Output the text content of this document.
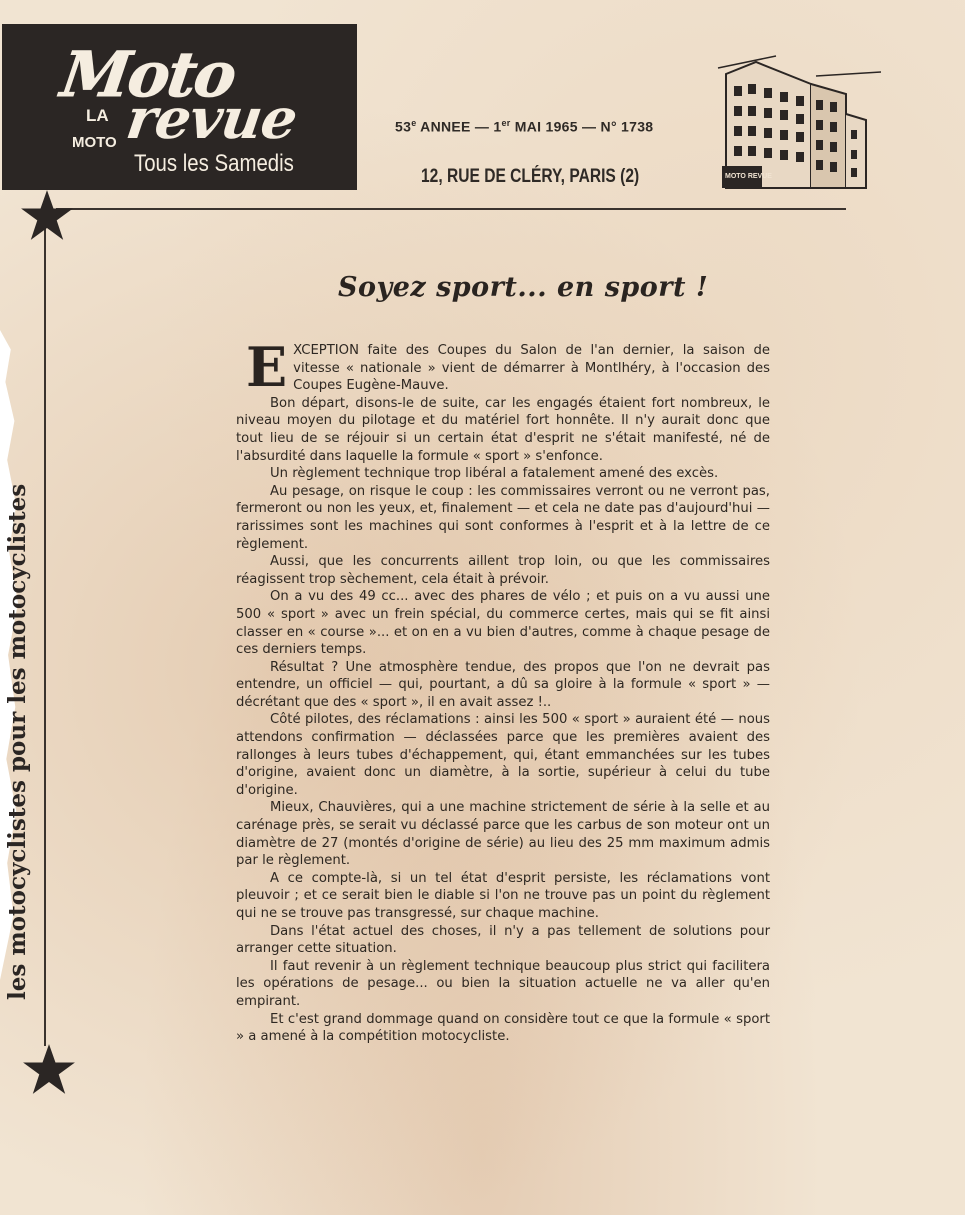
Moto
LA
MOTO revue
Tous les Samedis
53e ANNEE — 1er MAI 1965 — N° 1738
12, RUE DE CLÉRY, PARIS (2)	MOTO REVUE
les motocyclistes pour les motocyclistes
Soyez sport... en sport !

EXCEPTION faite des Coupes du Salon de l'an dernier, la saison de vitesse « nationale » vient de démarrer à Montlhéry, à l'occasion des Coupes Eugène-Mauve.

Bon départ, disons-le de suite, car les engagés étaient fort nombreux, le niveau moyen du pilotage et du matériel fort honnête. Il n'y aurait donc que tout lieu de se réjouir si un certain état d'esprit ne s'était manifesté, né de l'absurdité dans laquelle la formule « sport » s'enfonce.

Un règlement technique trop libéral a fatalement amené des excès.

Au pesage, on risque le coup : les commissaires verront ou ne verront pas, fermeront ou non les yeux, et, finalement — et cela ne date pas d'aujourd'hui — rarissimes sont les machines qui sont conformes à l'esprit et à la lettre de ce règlement.

Aussi, que les concurrents aillent trop loin, ou que les commissaires réagissent trop sèchement, cela était à prévoir.

On a vu des 49 cc... avec des phares de vélo ; et puis on a vu aussi une 500 « sport » avec un frein spécial, du commerce certes, mais qui se fit ainsi classer en « course »... et on en a vu bien d'autres, comme à chaque pesage de ces derniers temps.

Résultat ? Une atmosphère tendue, des propos que l'on ne devrait pas entendre, un officiel — qui, pourtant, a dû sa gloire à la formule « sport » — décrétant que des « sport », il en avait assez !..

Côté pilotes, des réclamations : ainsi les 500 « sport » auraient été — nous attendons confirmation — déclassées parce que les premières avaient des rallonges à leurs tubes d'échappement, qui, étant emmanchées sur les tubes d'origine, avaient donc un diamètre, à la sortie, supérieur à celui du tube d'origine.

Mieux, Chauvières, qui a une machine strictement de série à la selle et au carénage près, se serait vu déclassé parce que les carbus de son moteur ont un diamètre de 27 (montés d'origine de série) au lieu des 25 mm maximum admis par le règlement.

A ce compte-là, si un tel état d'esprit persiste, les réclamations vont pleuvoir ; et ce serait bien le diable si l'on ne trouve pas un point du règlement qui ne se trouve pas transgressé, sur chaque machine.

Dans l'état actuel des choses, il n'y a pas tellement de solutions pour arranger cette situation.

Il faut revenir à un règlement technique beaucoup plus strict qui facilitera les opérations de pesage... ou bien la situation actuelle ne va aller qu'en empirant.

Et c'est grand dommage quand on considère tout ce que la formule « sport » a amené à la compétition motocycliste.
